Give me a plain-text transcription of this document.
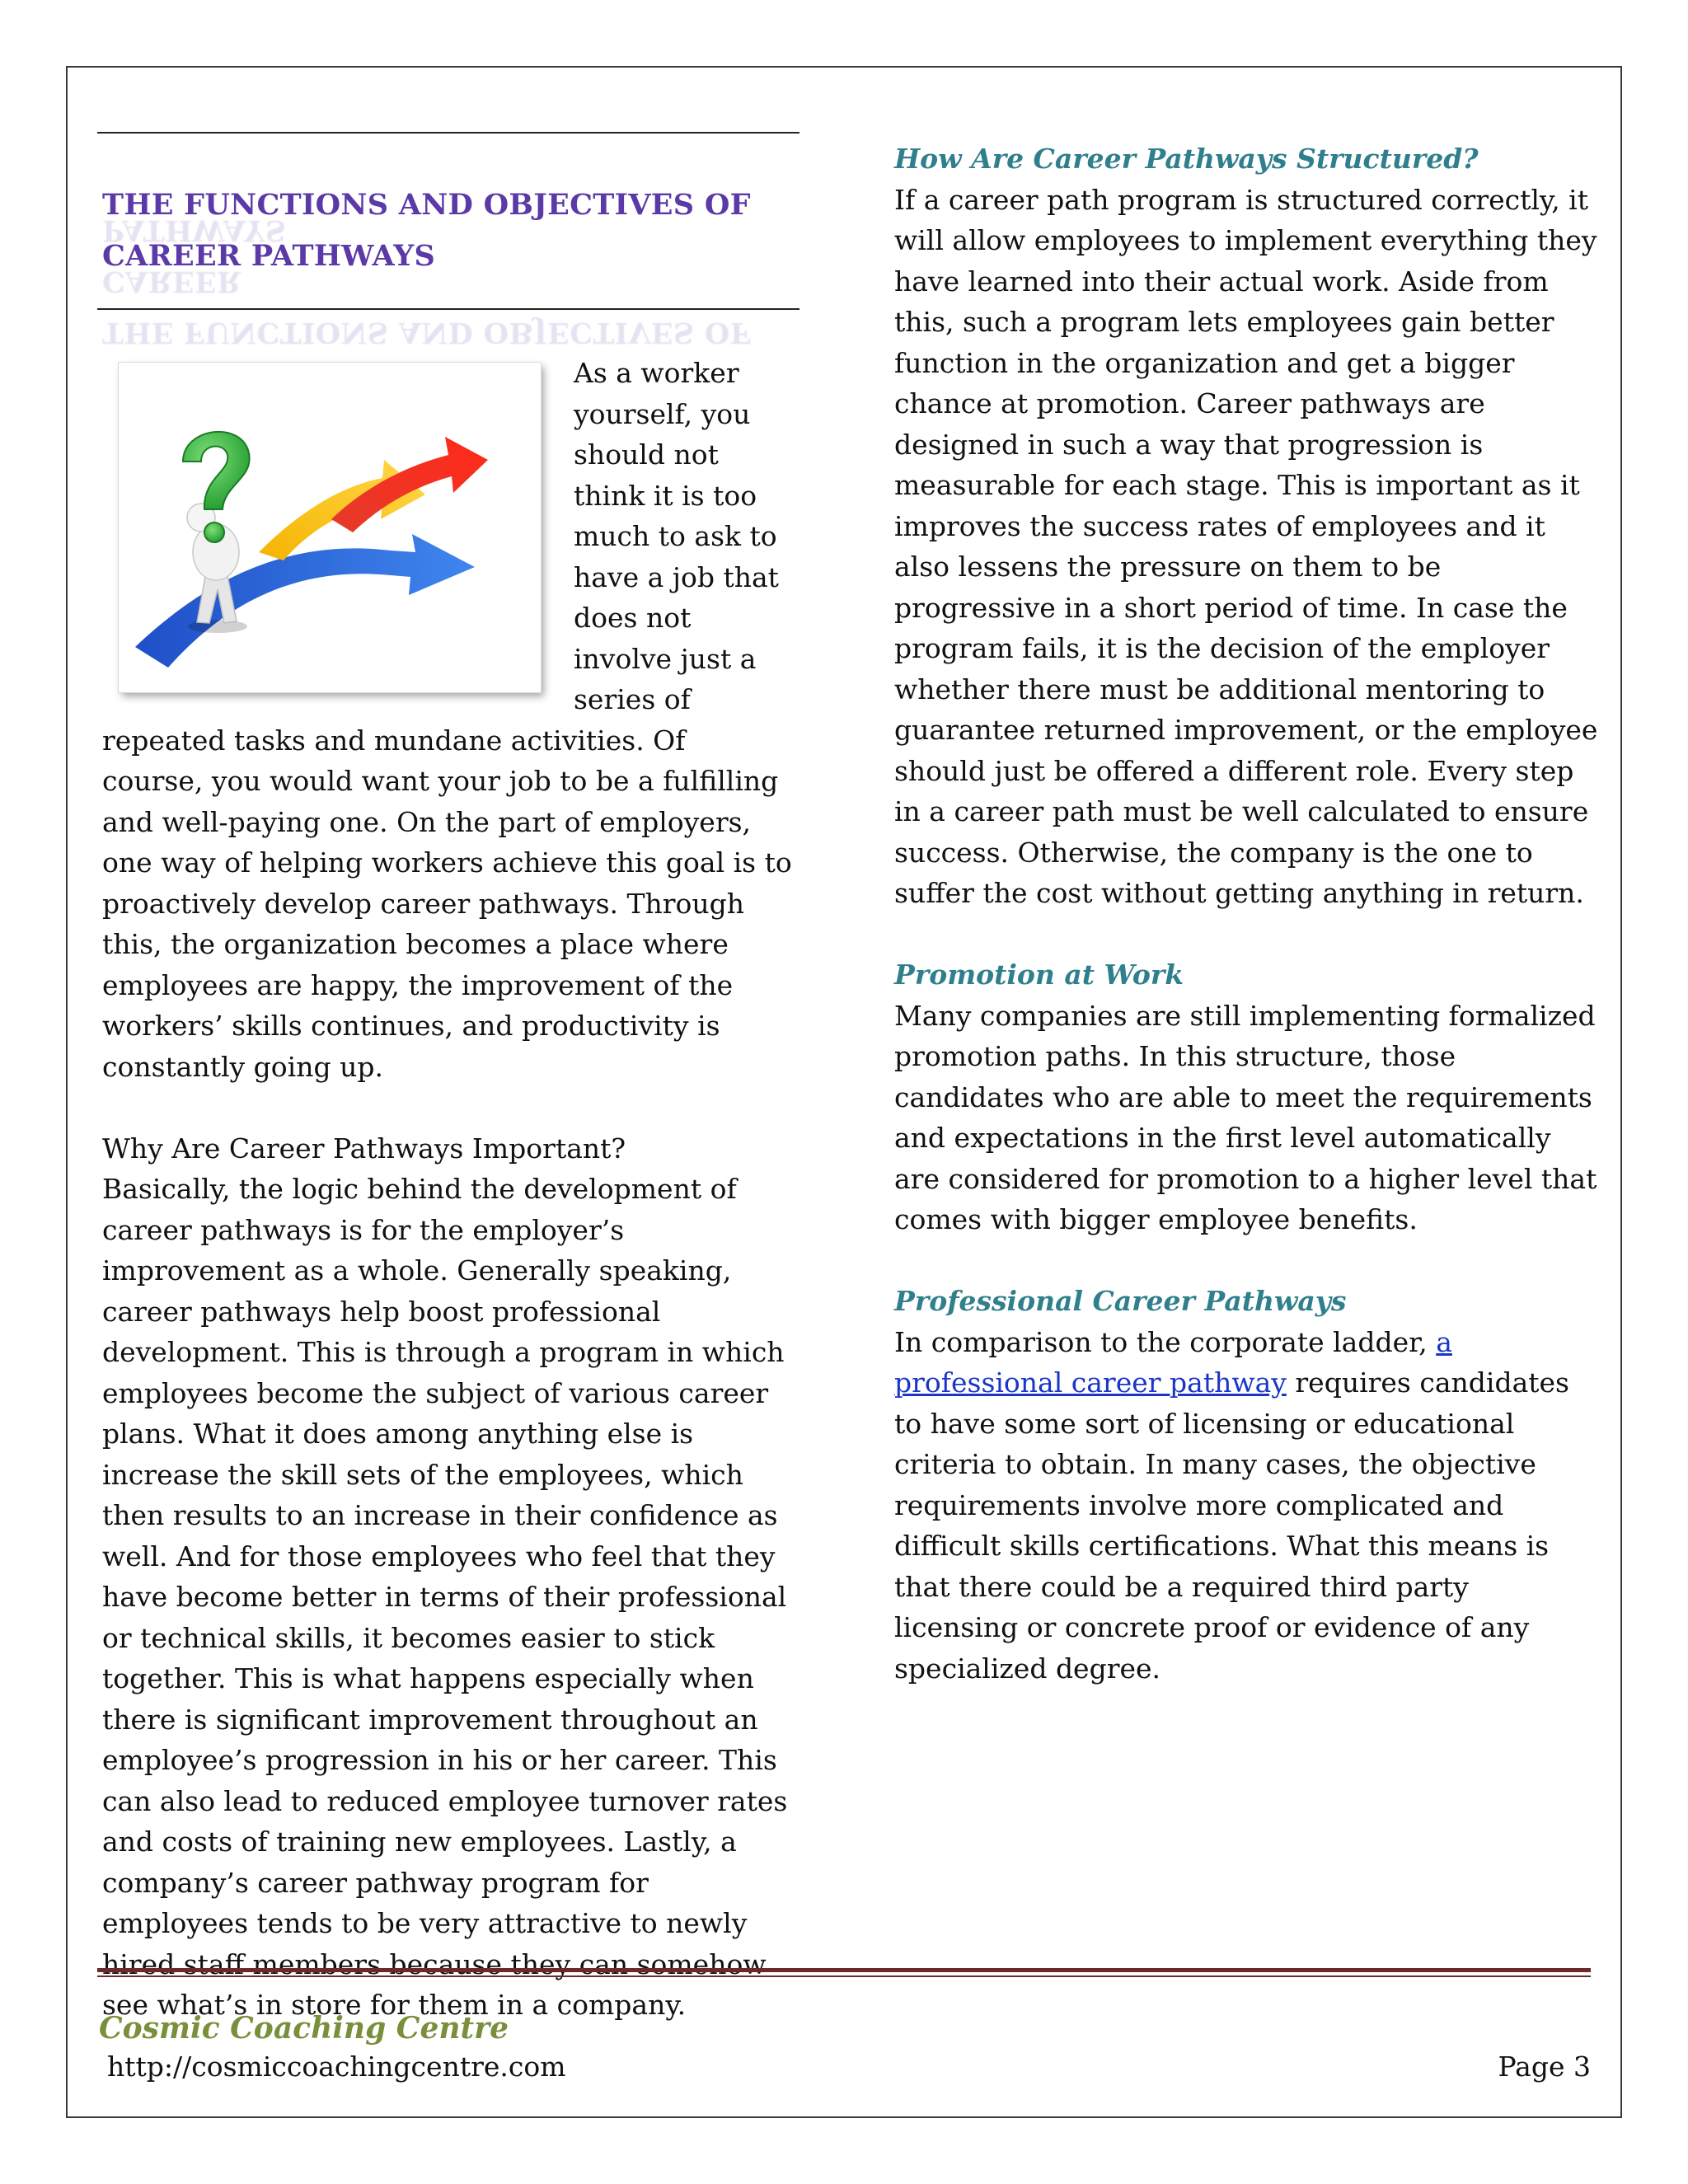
THE FUNCTIONS AND OBJECTIVES OF CAREER PATHWAYS
THE FUNCTIONS AND OBJECTIVES OF CAREER
PATHWAYS

As a worker yourself, you should not think it is too much to ask to have a job that does not involve just a series of repeated tasks and mundane activities. Of course, you would want your job to be a fulfilling and well-paying one. On the part of employers, one way of helping workers achieve this goal is to proactively develop career pathways. Through this, the organization becomes a place where employees are happy, the improvement of the workers’ skills continues, and productivity is constantly going up.

Why Are Career Pathways Important?

Basically, the logic behind the development of career pathways is for the employer’s improvement as a whole. Generally speaking, career pathways help boost professional development. This is through a program in which employees become the subject of various career plans. What it does among anything else is increase the skill sets of the employees, which then results to an increase in their confidence as well. And for those employees who feel that they have become better in terms of their professional or technical skills, it becomes easier to stick together. This is what happens especially when there is significant improvement throughout an employee’s progression in his or her career. This can also lead to reduced employee turnover rates and costs of training new employees. Lastly, a company’s career pathway program for employees tends to be very attractive to newly hired staff members because they can somehow see what’s in store for them in a company.

How Are Career Pathways Structured?

If a career path program is structured correctly, it will allow employees to implement everything they have learned into their actual work. Aside from this, such a program lets employees gain better function in the organization and get a bigger chance at promotion. Career pathways are designed in such a way that progression is measurable for each stage. This is important as it improves the success rates of employees and it also lessens the pressure on them to be progressive in a short period of time. In case the program fails, it is the decision of the employer whether there must be additional mentoring to guarantee returned improvement, or the employee should just be offered a different role. Every step in a career path must be well calculated to ensure success. Otherwise, the company is the one to suffer the cost without getting anything in return.

Promotion at Work

Many companies are still implementing formalized promotion paths. In this structure, those candidates who are able to meet the requirements and expectations in the first level automatically are considered for promotion to a higher level that comes with bigger employee benefits.

Professional Career Pathways

In comparison to the corporate ladder, a professional career pathway requires candidates to have some sort of licensing or educational criteria to obtain. In many cases, the objective requirements involve more complicated and difficult skills certifications. What this means is that there could be a required third party licensing or concrete proof or evidence of any specialized degree.

Cosmic Coaching Centre
http://cosmiccoachingcentre.com	Page 3
